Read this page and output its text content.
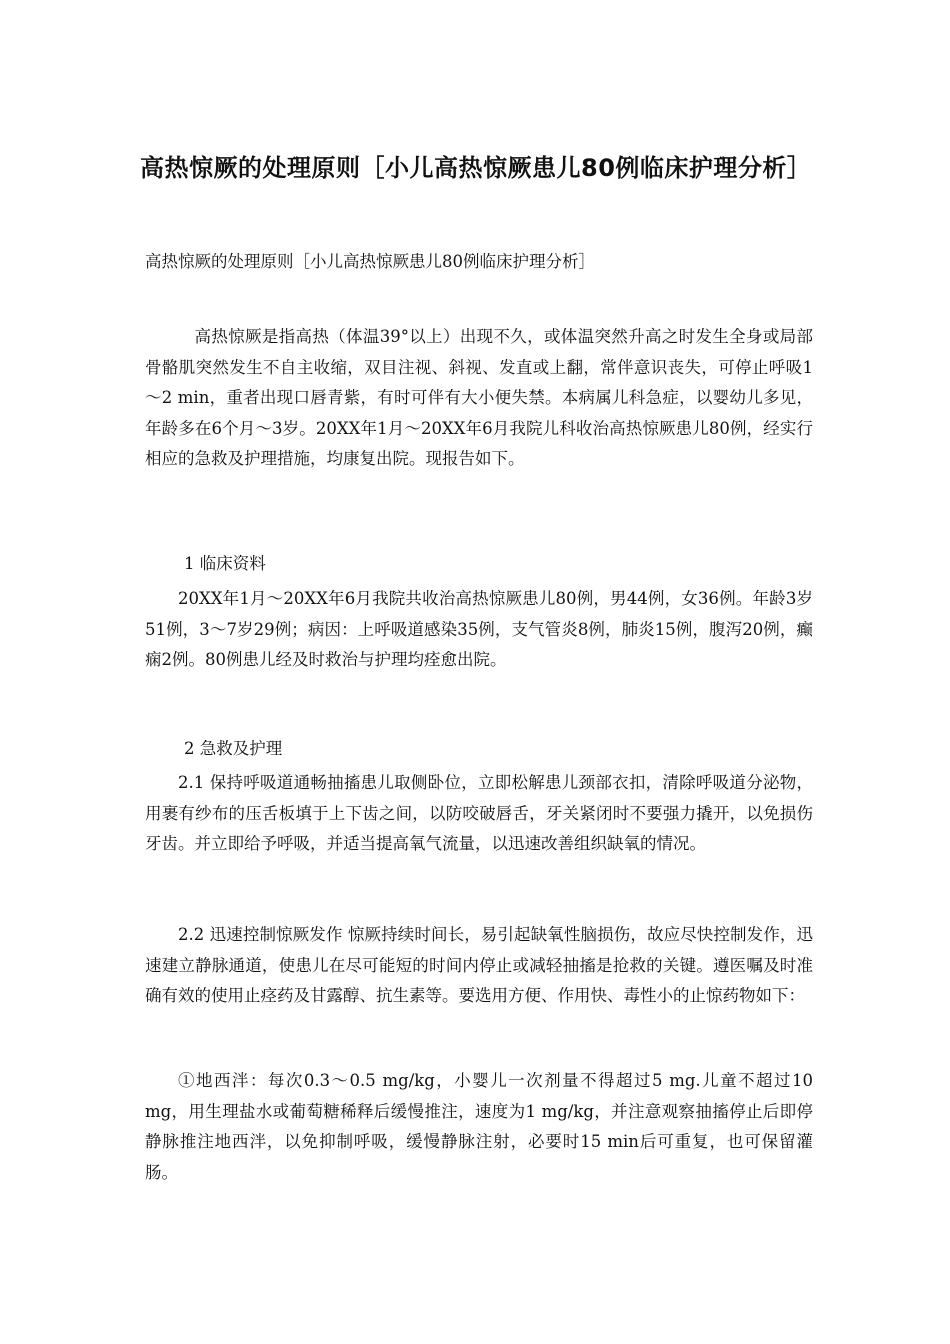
高热惊厥的处理原则［小儿高热惊厥患儿80例临床护理分析］

高热惊厥的处理原则［小儿高热惊厥患儿80例临床护理分析］

高热惊厥是指高热（体温39°以上）出现不久，或体温突然升高之时发生全身或局部骨骼肌突然发生不自主收缩，双目注视、斜视、发直或上翻，常伴意识丧失，可停止呼吸1～2 min，重者出现口唇青紫，有时可伴有大小便失禁。本病属儿科急症，以婴幼儿多见，年龄多在6个月～3岁。20XX年1月～20XX年6月我院儿科收治高热惊厥患儿80例，经实行相应的急救及护理措施，均康复出院。现报告如下。

1 临床资料

20XX年1月～20XX年6月我院共收治高热惊厥患儿80例，男44例，女36例。年龄3岁51例，3～7岁29例；病因：上呼吸道感染35例，支气管炎8例，肺炎15例，腹泻20例，癫痫2例。80例患儿经及时救治与护理均痊愈出院。

2 急救及护理

2.1 保持呼吸道通畅抽搐患儿取侧卧位，立即松解患儿颈部衣扣，清除呼吸道分泌物，用裹有纱布的压舌板填于上下齿之间，以防咬破唇舌，牙关紧闭时不要强力撬开，以免损伤牙齿。并立即给予呼吸，并适当提高氧气流量，以迅速改善组织缺氧的情况。

2.2 迅速控制惊厥发作 惊厥持续时间长，易引起缺氧性脑损伤，故应尽快控制发作，迅速建立静脉通道，使患儿在尽可能短的时间内停止或减轻抽搐是抢救的关键。遵医嘱及时准确有效的使用止痉药及甘露醇、抗生素等。要选用方便、作用快、毒性小的止惊药物如下：

①地西泮：每次0.3～0.5 mg/kg，小婴儿一次剂量不得超过5 mg.儿童不超过10 mg，用生理盐水或葡萄糖稀释后缓慢推注，速度为1 mg/kg，并注意观察抽搐停止后即停静脉推注地西泮，以免抑制呼吸，缓慢静脉注射，必要时15 min后可重复，也可保留灌肠。
